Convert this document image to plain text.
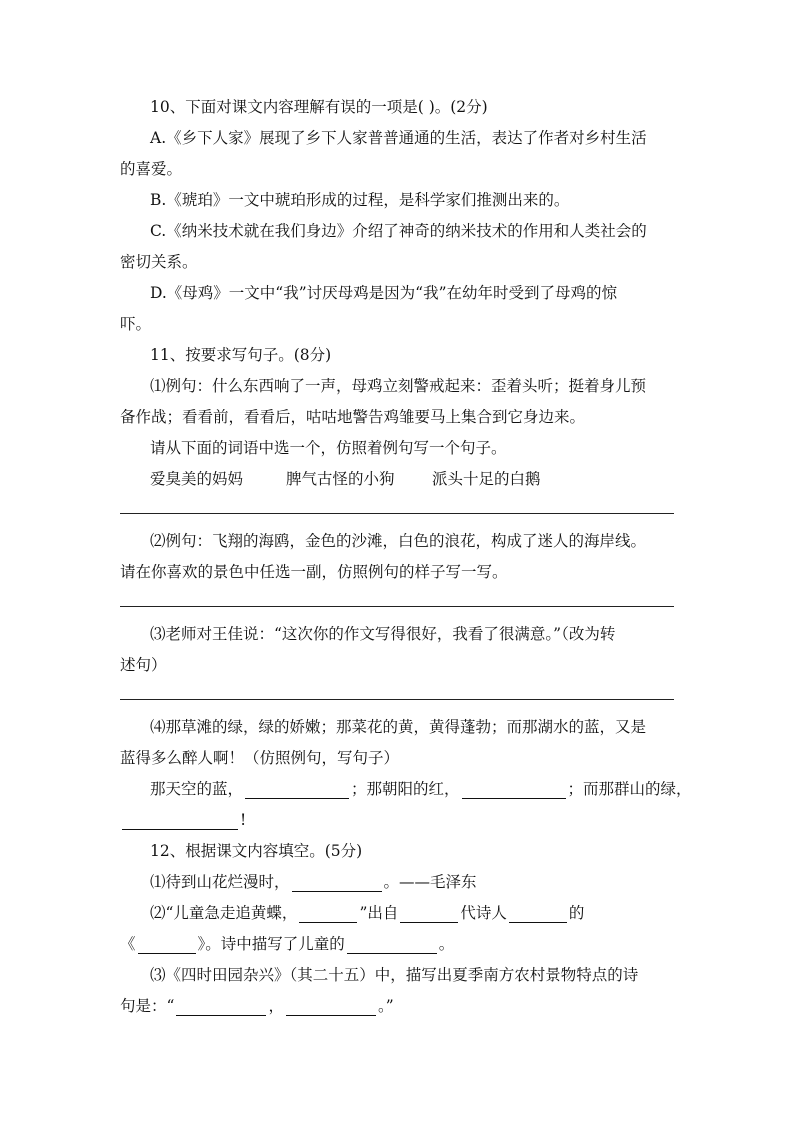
10、下面对课文内容理解有误的一项是( )。(2分)
A.《乡下人家》展现了乡下人家普普通通的生活，表达了作者对乡村生活
的喜爱。
B.《琥珀》一文中琥珀形成的过程，是科学家们推测出来的。
C.《纳米技术就在我们身边》介绍了神奇的纳米技术的作用和人类社会的
密切关系。
D.《母鸡》一文中“我”讨厌母鸡是因为“我”在幼年时受到了母鸡的惊
吓。
11、按要求写句子。(8分)
⑴例句：什么东西响了一声，母鸡立刻警戒起来：歪着头听；挺着身儿预
备作战；看看前，看看后，咕咕地警告鸡雏要马上集合到它身边来。
请从下面的词语中选一个，仿照着例句写一个句子。
爱臭美的妈妈	脾气古怪的小狗 派头十足的白鹅
⑵例句：飞翔的海鸥，金色的沙滩，白色的浪花，构成了迷人的海岸线。
请在你喜欢的景色中任选一副，仿照例句的样子写一写。
⑶老师对王佳说：“这次你的作文写得很好，我看了很满意。”（改为转
述句）
⑷那草滩的绿，绿的娇嫩；那菜花的黄，黄得蓬勃；而那湖水的蓝，又是
蓝得多么醉人啊！（仿照例句，写句子）
那天空的蓝，	；那朝阳的红，	；而那群山的绿，
!
12、根据课文内容填空。(5分)
⑴待到山花烂漫时，	。——毛泽东
⑵“儿童急走追黄蝶，	”出自	代诗人	的
《	》。诗中描写了儿童的	。
⑶《四时田园杂兴》（其二十五）中，描写出夏季南方农村景物特点的诗
句是：“	，	。”
